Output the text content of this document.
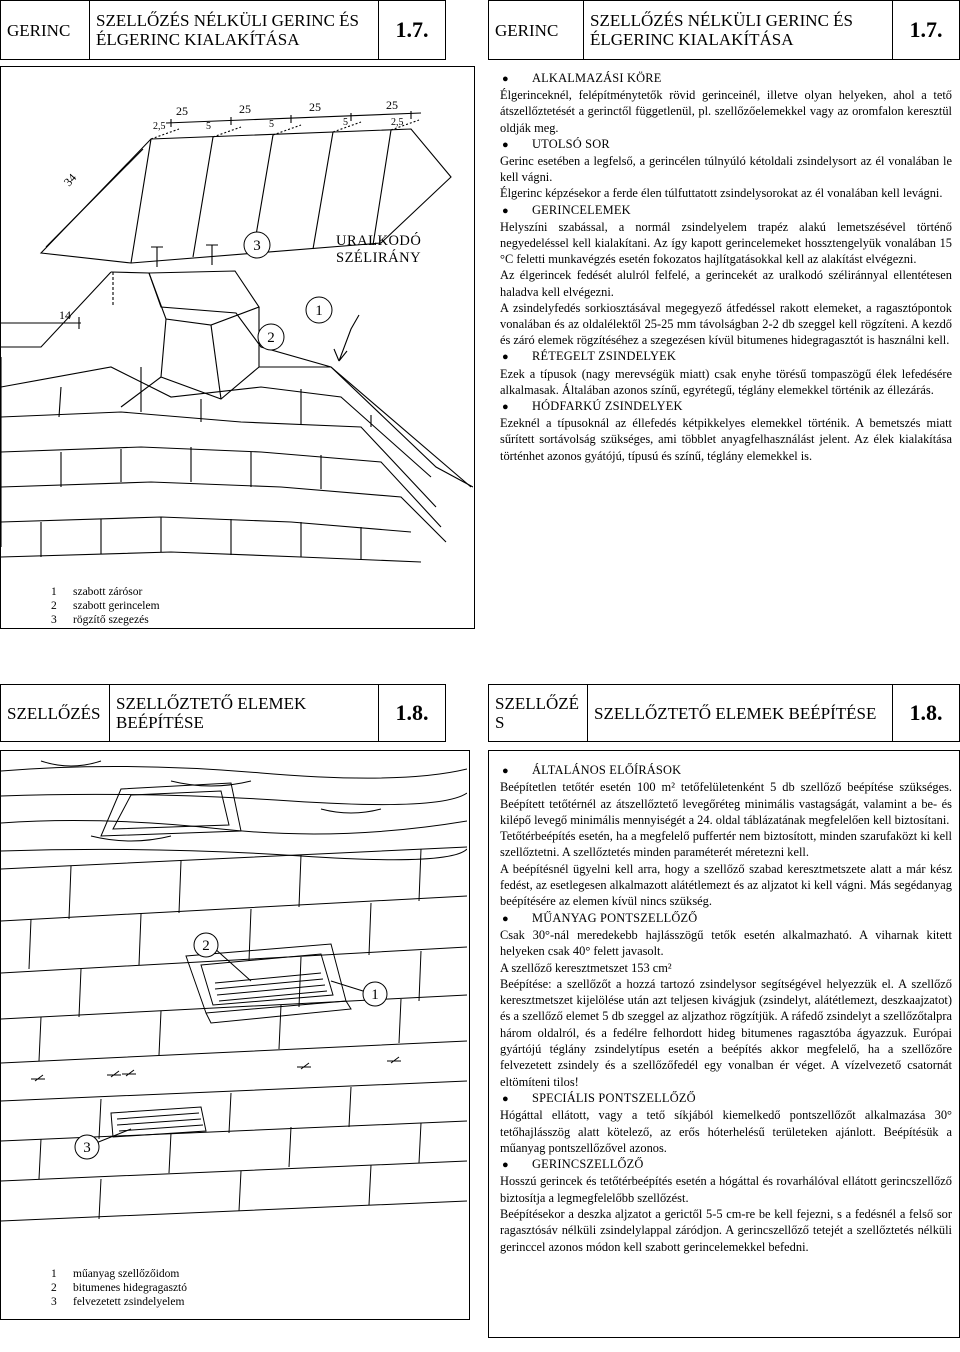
GERINC	SZELLŐZÉS NÉLKÜLI GERINC ÉS ÉLGERINC KIALAKÍTÁSA	1.7.	GERINC	SZELLŐZÉS NÉLKÜLI GERINC ÉS ÉLGERINC KIALAKÍTÁSA	1.7.
25	25	25	25
2,5	5	5	5	2,5
34
14	1
2
3	URALKODÓ SZÉLIRÁNY
1	szabott zárósor
2	szabott gerincelem
3	rögzítő szegezés
●	ALKALMAZÁSI KÖRE

Élgerinceknél, felépítménytetők rövid gerinceinél, illetve olyan helyeken, ahol a tető átszellőztetését a gerinctől függetlenül, pl. szellőzőelemekkel vagy az oromfalon keresztül oldják meg.

●	UTOLSÓ SOR

Gerinc esetében a legfelső, a gerincélen túlnyúló kétoldali zsindelysort az él vonalában le kell vágni.

Élgerinc képzésekor a ferde élen túlfuttatott zsindelysorokat az él vonalában kell levágni.

●	GERINCELEMEK

Helyszíni szabással, a normál zsindelyelem trapéz alakú lemetszésével történő negyedeléssel kell kialakítani. Az így kapott gerincelemeket hossztengelyük vonalában 15 °C feletti munkavégzés esetén fokozatos hajlítgatásokkal kell az alakítást elvégezni.

Az élgerincek fedését alulról felfelé, a gerincekét az uralkodó széliránnyal ellentétesen haladva kell elvégezni.

A zsindelyfedés sorkiosztásával megegyező átfedéssel rakott elemeket, a ragasztópontok vonalában és az oldalélektől 25-25 mm távolságban 2-2 db szeggel kell rögzíteni. A kezdő és záró elemek rögzítéséhez a szegezésen kívül bitumenes hidegragasztót is használni kell.

●	RÉTEGELT ZSINDELYEK

Ezek a típusok (nagy merevségük miatt) csak enyhe törésű tompaszögű élek lefedésére alkalmasak. Általában azonos színű, egyrétegű, téglány elemekkel történik az éllezárás.

●	HÓDFARKÚ ZSINDELYEK

Ezeknél a típusoknál az éllefedés kétpikkelyes elemekkel történik. A bemetszés miatt sűrített sortávolság szükséges, ami többlet anyagfelhasználást jelent. Az élek kialakítása történhet azonos gyátójú, típusú és színű, téglány elemekkel is.

SZELLŐZÉS	SZELLŐZTETŐ ELEMEK BEÉPÍTÉSE	1.8.	SZELLŐZÉ S	SZELLŐZTETŐ ELEMEK BEÉPÍTÉSE	1.8.
2
1
3
1	műanyag szellőzőidom
2	bitumenes hidegragasztó
3	felvezetett zsindelyelem
●	ÁLTALÁNOS ELŐÍRÁSOK

Beépítetlen tetőtér esetén 100 m² tetőfelületenként 5 db szellőző beépítése szükséges. Beépített tetőtérnél az átszellőztető levegőréteg minimális vastagságát, valamint a be- és kilépő levegő minimális mennyiségét a 24. oldal táblázatának megfelelően kell biztosítani.

Tetőtérbeépítés esetén, ha a megfelelő puffertér nem biztosított, minden szarufaközt ki kell szellőztetni. A szellőztetés minden paraméterét méretezni kell.

A beépítésnél ügyelni kell arra, hogy a szellőző szabad keresztmetszete alatt a már kész fedést, az esetlegesen alkalmazott alátétlemezt és az aljzatot ki kell vágni. Más segédanyag beépítésére az elemen kívül nincs szükség.

●	MŰANYAG PONTSZELLŐZŐ

Csak 30°-nál meredekebb hajlásszögű tetők esetén alkalmazható. A viharnak kitett helyeken csak 40° felett javasolt.

A szellőző keresztmetszet 153 cm²

Beépítése: a szellőzőt a hozzá tartozó zsindelysor segítségével helyezzük el. A szellőző keresztmetszet kijelölése után azt teljesen kivágjuk (zsindelyt, alátétlemezt, deszkaajzatot) és a szellőző elemet 5 db szeggel az aljzathoz rögzítjük. A ráfedő zsindelyt a szellőzőtalpra három oldalról, és a fedélre felhordott hideg bitumenes ragasztóba ágyazzuk. Európai gyártójú téglány zsindelytípus esetén a beépítés akkor megfelelő, ha a szellőzőre felvezetett zsindely és a szellőzőfedél egy vonalban ér véget. A vízelvezető csatornát eltömíteni tilos!

●	SPECIÁLIS PONTSZELLŐZŐ

Hógáttal ellátott, vagy a tető síkjából kiemelkedő pontszellőzőt alkalmazása 30° tetőhajlásszög alatt kötelező, az erős hóterhelésű területeken ajánlott. Beépítésük a műanyag pontszellőzővel azonos.

●	GERINCSZELLŐZŐ

Hosszú gerincek és tetőtérbeépítés esetén a hógáttal és rovarhálóval ellátott gerincszellőző biztosítja a legmegfelelőbb szellőzést.

Beépítésekor a deszka aljzatot a gerictől 5-5 cm-re be kell fejezni, s a fedésnél a felső sor ragasztósáv nélküli zsindelylappal záródjon. A gerincszellőző tetejét a szellőztetés nélküli gerinccel azonos módon kell szabott gerincelemekkel befedni.
